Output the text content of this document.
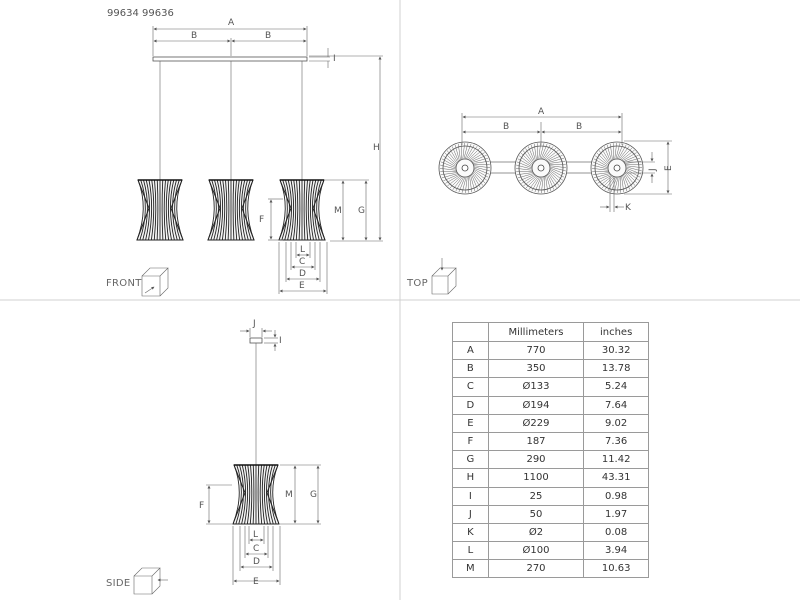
99634 99636
A
B	B
I
H
G
M
F
L
C
D
E
FRONT
A
B	B
E
J
K
TOP
J
I
G
M
F
L
C
D
E
SIDE
	Millimeters	inches
A	770	30.32
B	350	13.78
C	Ø133	5.24
D	Ø194	7.64
E	Ø229	9.02
F	187	7.36
G	290	11.42
H	1100	43.31
I	25	0.98
J	50	1.97
K	Ø2	0.08
L	Ø100	3.94
M	270	10.63
